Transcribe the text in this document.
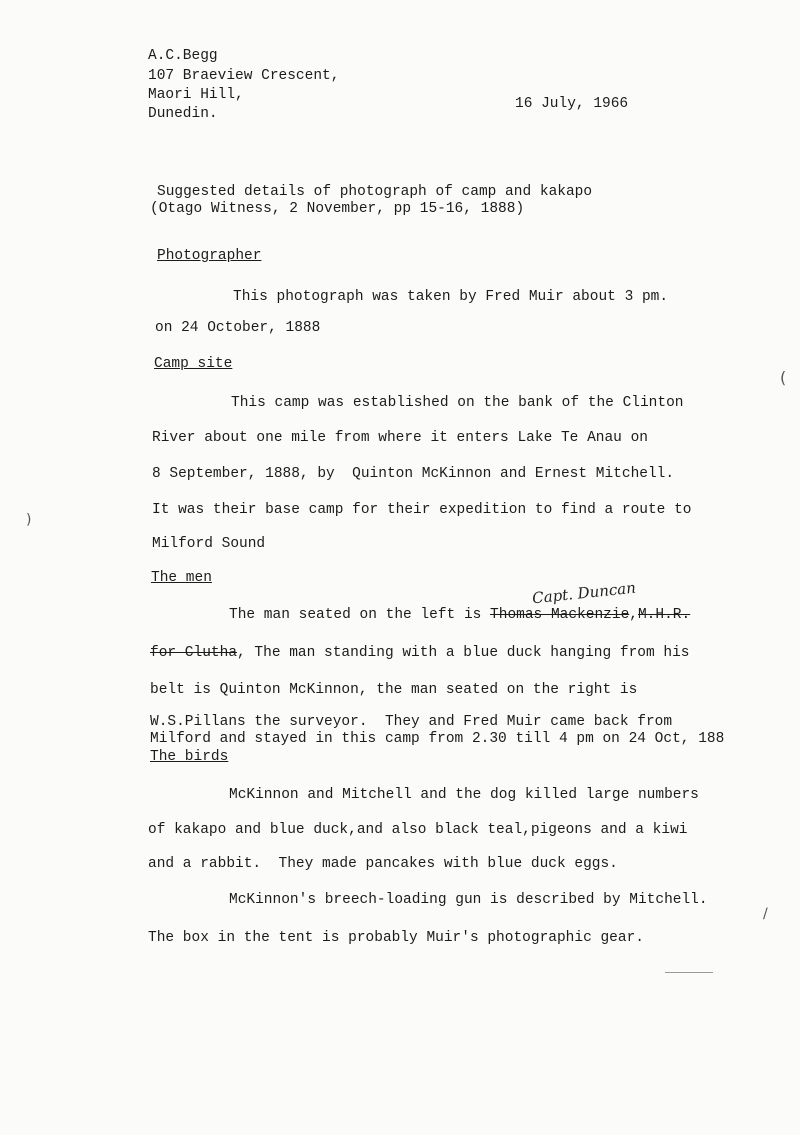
A.C.Begg
107 Braeview Crescent,
Maori Hill,
Dunedin.
16 July, 1966
Suggested details of photograph of camp and kakapo
(Otago Witness, 2 November, pp 15-16, 1888)
Photographer
This photograph was taken by Fred Muir about 3 pm.
on 24 October, 1888
Camp site
This camp was established on the bank of the Clinton
River about one mile from where it enters Lake Te Anau on
8 September, 1888, by  Quinton McKinnon and Ernest Mitchell.
It was their base camp for their expedition to find a route to
Milford Sound
The men
Capt. Duncan
The man seated on the left is Thomas Mackenzie,M.H.R.
for Clutha, The man standing with a blue duck hanging from his
belt is Quinton McKinnon, the man seated on the right is
W.S.Pillans the surveyor.  They and Fred Muir came back from
Milford and stayed in this camp from 2.30 till 4 pm on 24 Oct, 188
The birds
McKinnon and Mitchell and the dog killed large numbers
of kakapo and blue duck,and also black teal,pigeons and a kiwi
and a rabbit.  They made pancakes with blue duck eggs.
McKinnon's breech-loading gun is described by Mitchell.
The box in the tent is probably Muir's photographic gear.
(
)
/
